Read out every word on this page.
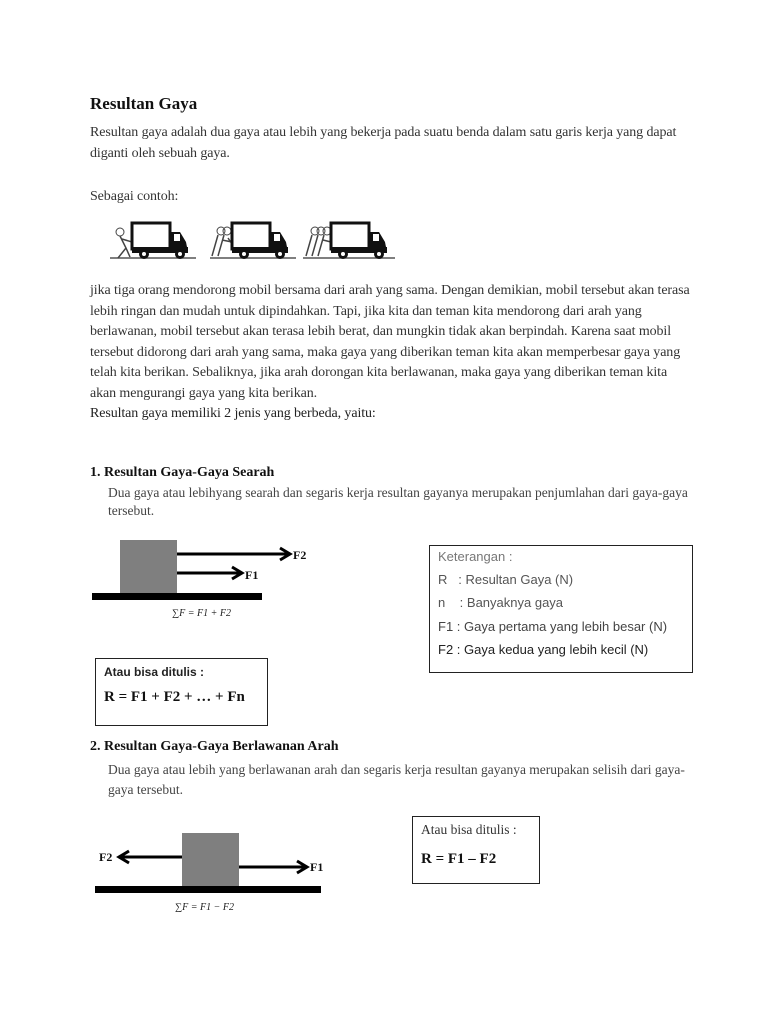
Resultan Gaya
Resultan gaya adalah dua gaya atau lebih yang bekerja pada suatu benda dalam satu garis kerja yang dapat diganti oleh sebuah gaya.
Sebagai contoh:
jika tiga orang mendorong mobil bersama dari arah yang sama. Dengan demikian, mobil tersebut akan terasa lebih ringan dan mudah untuk dipindahkan. Tapi, jika kita dan teman kita mendorong dari arah yang berlawanan, mobil tersebut akan terasa lebih berat, dan mungkin tidak akan berpindah. Karena saat mobil tersebut didorong dari arah yang sama, maka gaya yang diberikan teman kita akan memperbesar gaya yang telah kita berikan. Sebaliknya, jika arah dorongan kita berlawanan, maka gaya yang diberikan teman kita akan mengurangi gaya yang kita berikan.
Resultan gaya memiliki 2 jenis yang berbeda, yaitu:
1. Resultan Gaya-Gaya Searah
Dua gaya atau lebihyang searah dan segaris kerja resultan gayanya merupakan penjumlahan dari gaya-gaya tersebut.
F2
F1
∑F = F1 + F2
Keterangan :
R   : Resultan Gaya (N)
n    : Banyaknya gaya
F1 : Gaya pertama yang lebih besar (N)
F2 : Gaya kedua yang lebih kecil (N)
Atau bisa ditulis :
R = F1 + F2 + … + Fn
2. Resultan Gaya-Gaya Berlawanan Arah
Dua gaya atau lebih yang berlawanan arah dan segaris kerja resultan gayanya merupakan selisih dari gaya-gaya tersebut.
F2
F1
∑F = F1 − F2
Atau bisa ditulis :
R = F1 – F2
